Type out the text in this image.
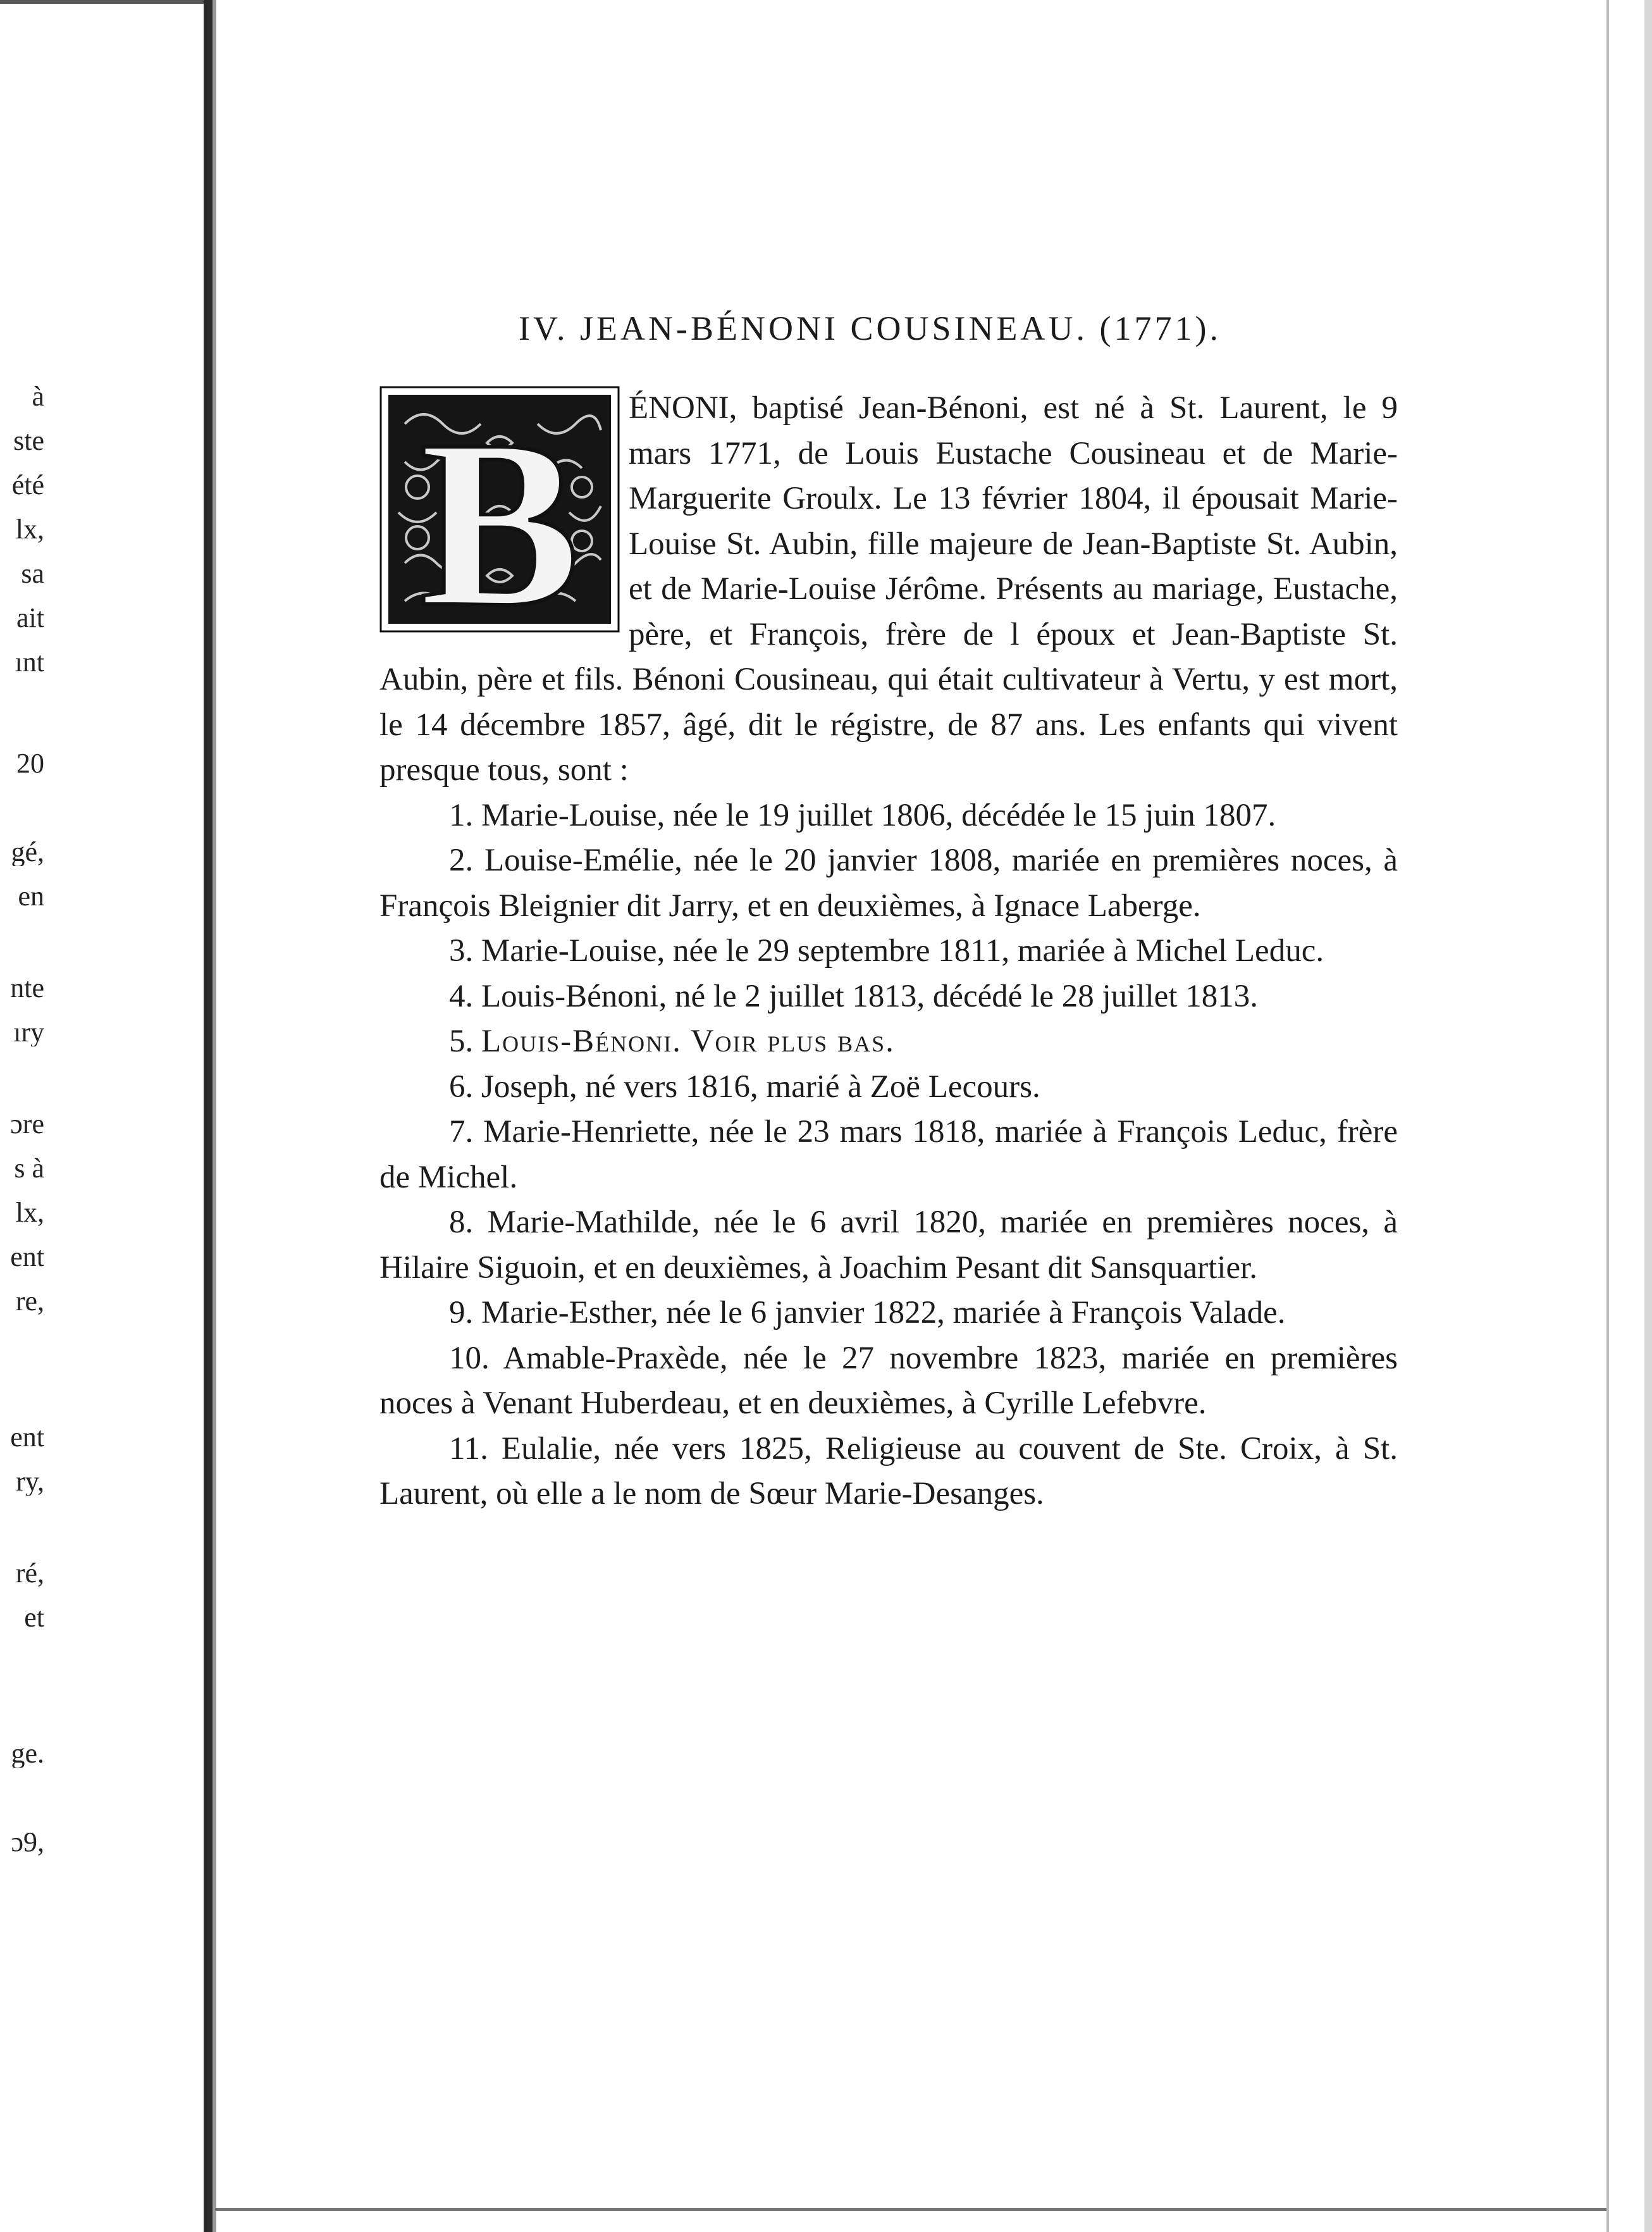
à
ste
été
lx,
sa
ait
ınt
20
gé,
en
nte
ıry
ɔre
s à
lx,
ent
re,
ent
ry,
ré,
et
ge.
ɔ9,
IV. JEAN-BÉNONI COUSINEAU. (1771).
B	ÉNONI, baptisé Jean-Bénoni, est né à St. Laurent, le 9 mars 1771, de Louis Eustache Cousineau et de Marie-Marguerite Groulx. Le 13 février 1804, il épousait Marie-Louise St. Aubin, fille majeure de Jean-Baptiste St. Aubin, et de Marie-Louise Jérôme. Présents au mariage, Eustache, père, et François, frère de l époux et Jean-Baptiste St. Aubin, père et fils. Bénoni Cousineau, qui était cultivateur à Vertu, y est mort, le 14 décembre 1857, âgé, dit le régistre, de 87 ans. Les enfants qui vivent presque tous, sont :

1. Marie-Louise, née le 19 juillet 1806, décédée le 15 juin 1807.

2. Louise-Emélie, née le 20 janvier 1808, mariée en premières noces, à François Bleignier dit Jarry, et en deuxièmes, à Ignace Laberge.

3. Marie-Louise, née le 29 septembre 1811, mariée à Michel Leduc.

4. Louis-Bénoni, né le 2 juillet 1813, décédé le 28 juillet 1813.

5. Louis-Bénoni. Voir plus bas.

6. Joseph, né vers 1816, marié à Zoë Lecours.

7. Marie-Henriette, née le 23 mars 1818, mariée à François Leduc, frère de Michel.

8. Marie-Mathilde, née le 6 avril 1820, mariée en premières noces, à Hilaire Siguoin, et en deuxièmes, à Joachim Pesant dit Sansquartier.

9. Marie-Esther, née le 6 janvier 1822, mariée à François Valade.

10. Amable-Praxède, née le 27 novembre 1823, mariée en premières noces à Venant Huberdeau, et en deuxièmes, à Cyrille Lefebvre.

11. Eulalie, née vers 1825, Religieuse au couvent de Ste. Croix, à St. Laurent, où elle a le nom de Sœur Marie-Desanges.
